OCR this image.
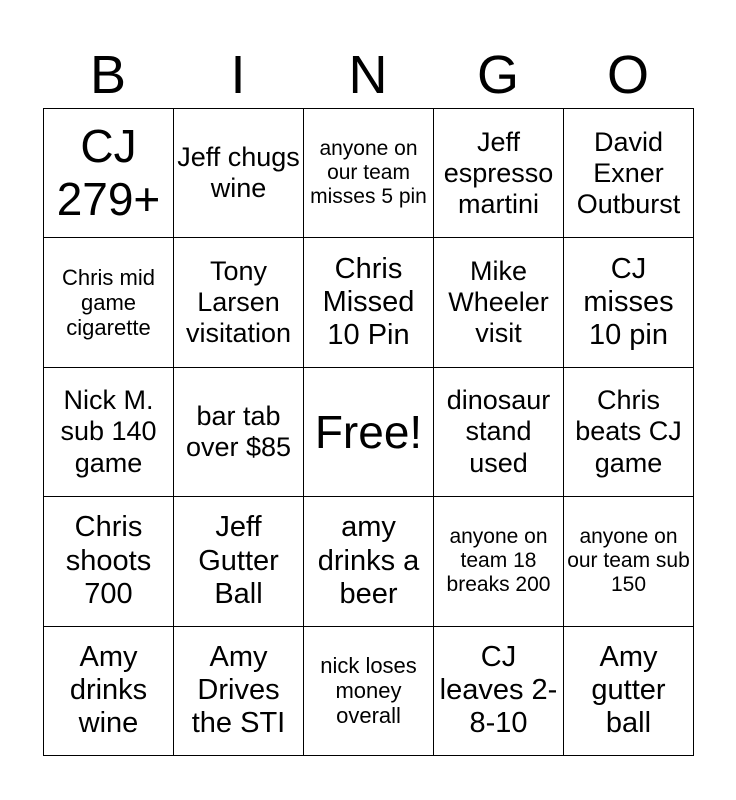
B	I	N	G	O
CJ 279+	Jeff chugs wine	anyone on our team misses 5 pin	Jeff espresso martini	David Exner Outburst
Chris mid game cigarette	Tony Larsen visitation	Chris Missed 10 Pin	Mike Wheeler visit	CJ misses 10 pin
Nick M. sub 140 game	bar tab over $85	Free!	dinosaur stand used	Chris beats CJ game
Chris shoots 700	Jeff Gutter Ball	amy drinks a beer	anyone on team 18 breaks 200	anyone on our team sub 150
Amy drinks wine	Amy Drives the STI	nick loses money overall	CJ leaves 2-8-10	Amy gutter ball
